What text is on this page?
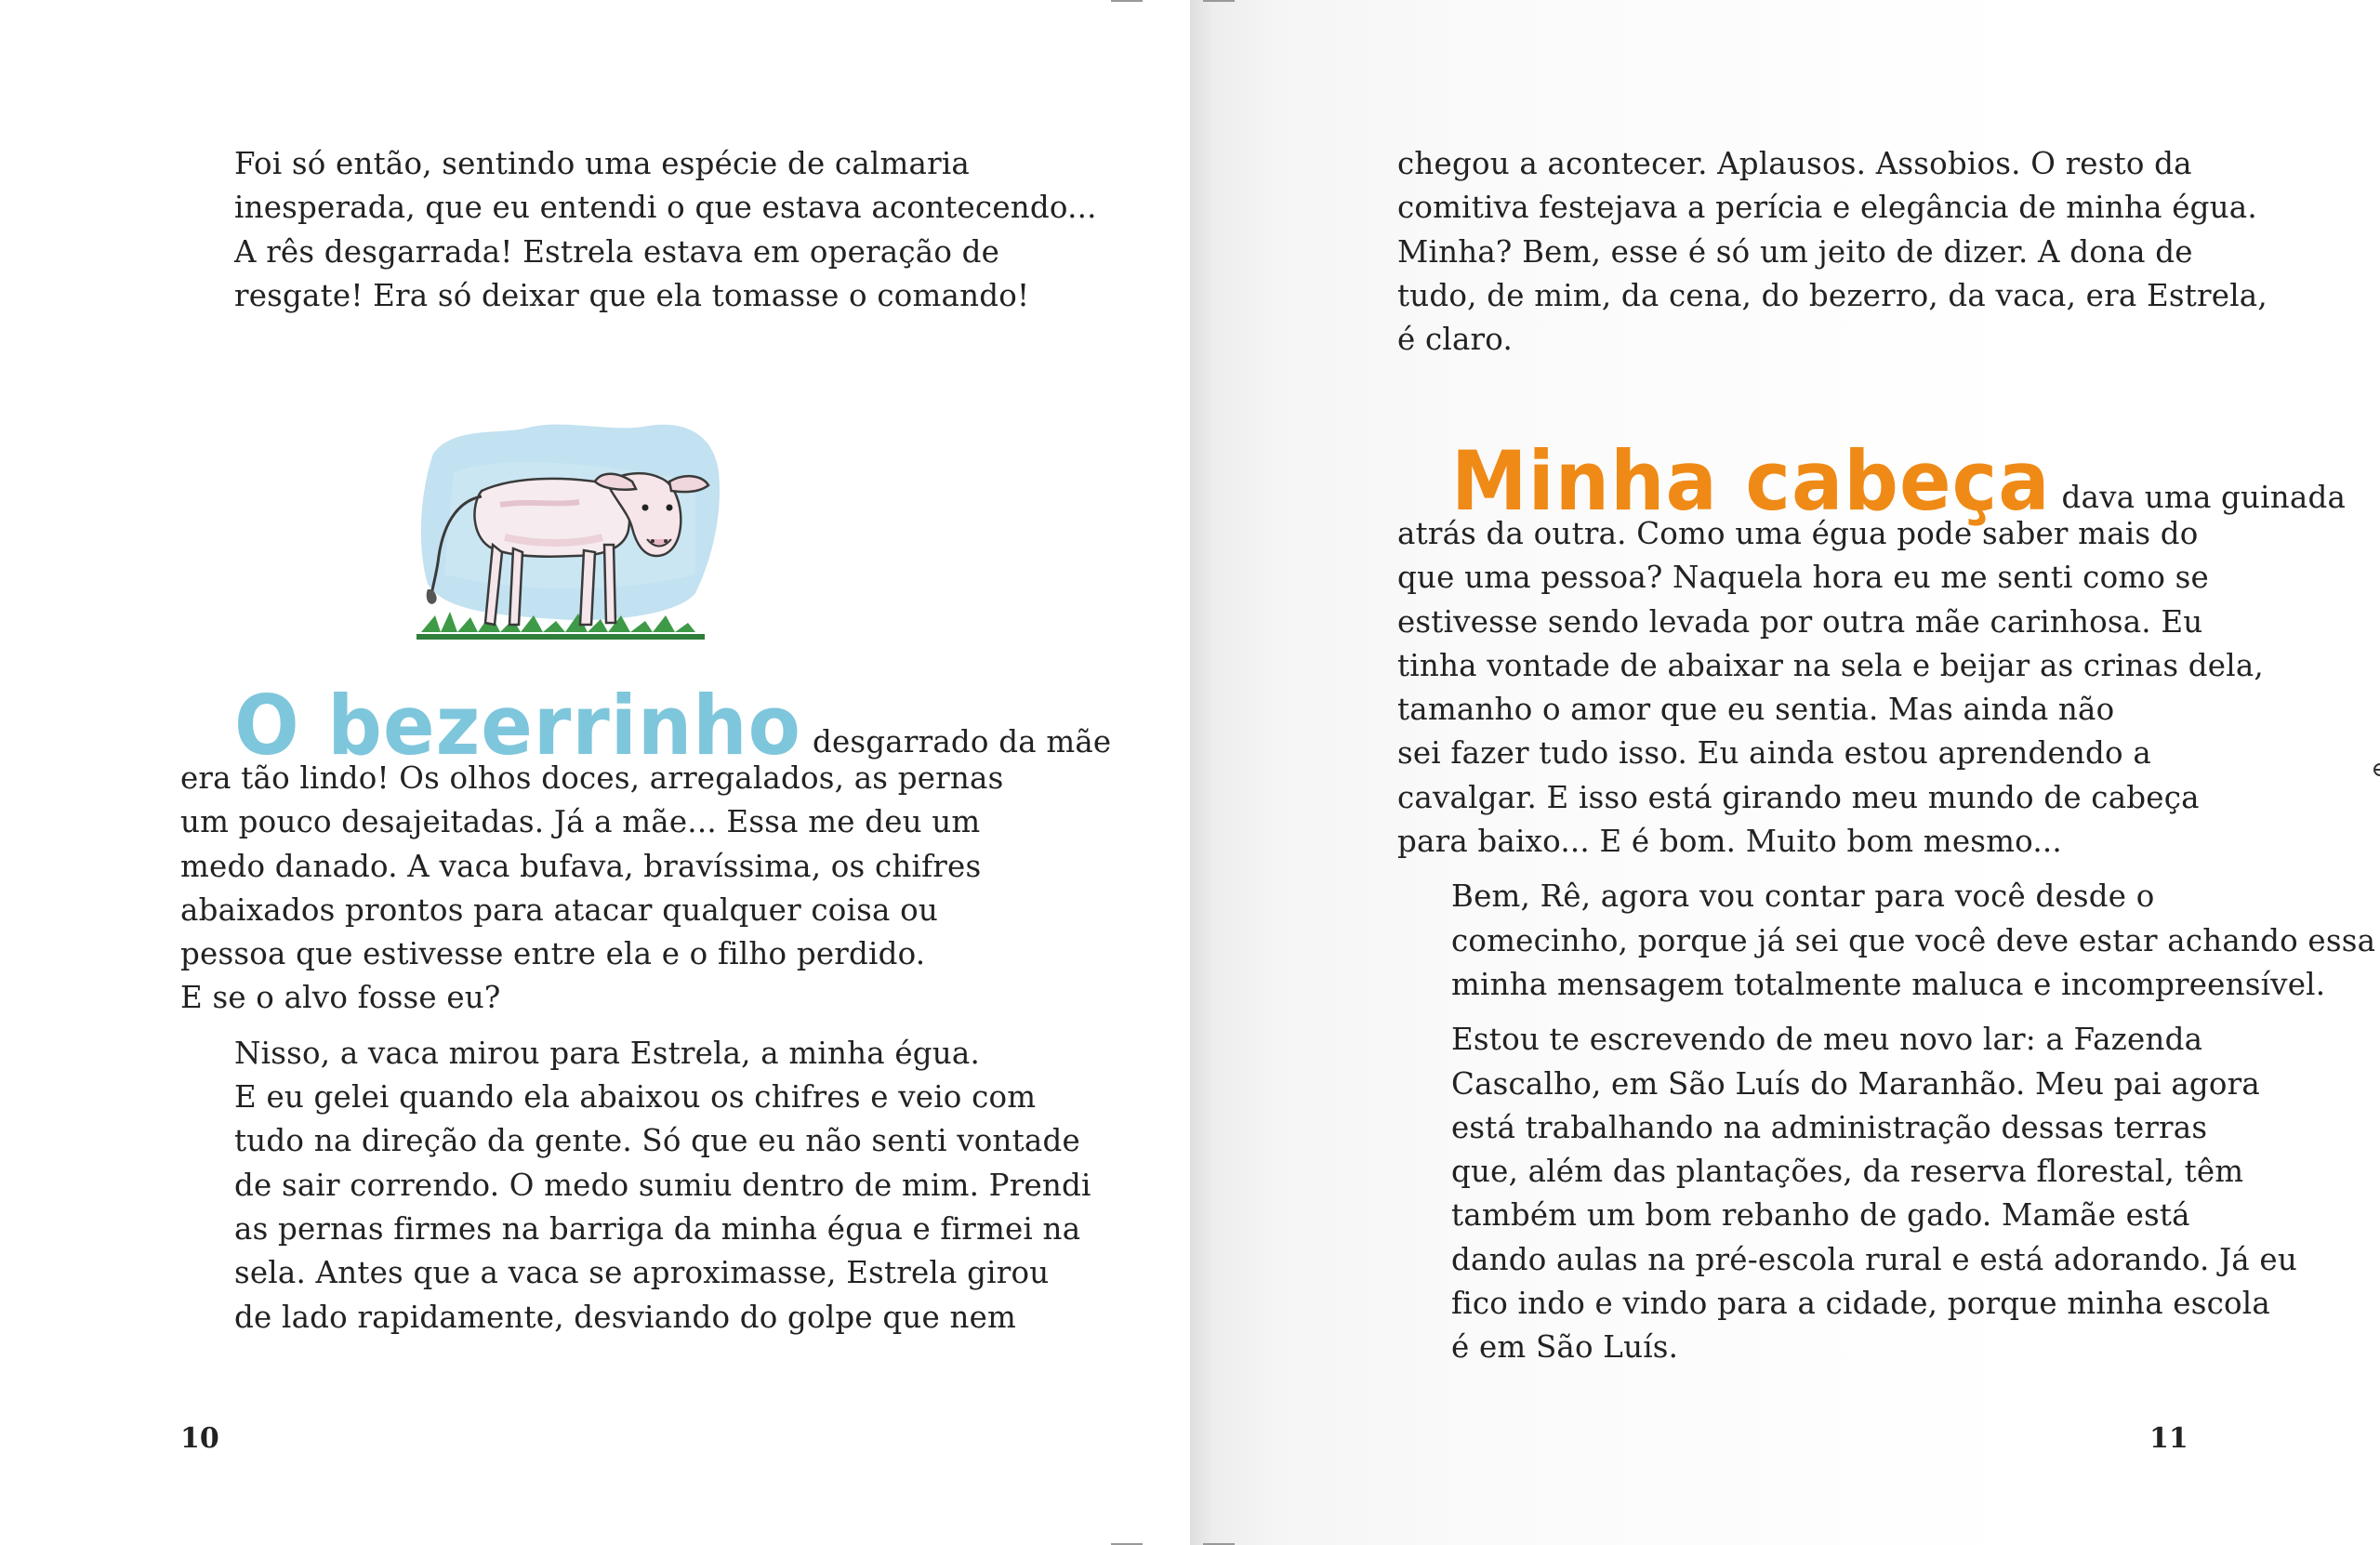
Foi só então, sentindo uma espécie de calmaria
inesperada, que eu entendi o que estava acontecendo...
A rês desgarrada! Estrela estava em operação de
resgate! Era só deixar que ela tomasse o comando!

O bezerrinho desgarrado da mãe
era tão lindo! Os olhos doces, arregalados, as pernas
um pouco desajeitadas. Já a mãe... Essa me deu um
medo danado. A vaca bufava, bravíssima, os chifres
abaixados prontos para atacar qualquer coisa ou
pessoa que estivesse entre ela e o filho perdido.
E se o alvo fosse eu?

Nisso, a vaca mirou para Estrela, a minha égua.
E eu gelei quando ela abaixou os chifres e veio com
tudo na direção da gente. Só que eu não senti vontade
de sair correndo. O medo sumiu dentro de mim. Prendi
as pernas firmes na barriga da minha égua e firmei na
sela. Antes que a vaca se aproximasse, Estrela girou
de lado rapidamente, desviando do golpe que nem

10

chegou a acontecer. Aplausos. Assobios. O resto da
comitiva festejava a perícia e elegância de minha égua.
Minha? Bem, esse é só um jeito de dizer. A dona de
tudo, de mim, da cena, do bezerro, da vaca, era Estrela,
é claro.

Minha cabeça dava uma guinada
atrás da outra. Como uma égua pode saber mais do
que uma pessoa? Naquela hora eu me senti como se
estivesse sendo levada por outra mãe carinhosa. Eu
tinha vontade de abaixar na sela e beijar as crinas dela,
tamanho o amor que eu sentia. Mas ainda não
sei fazer tudo isso. Eu ainda estou aprendendo a
cavalgar. E isso está girando meu mundo de cabeça
para baixo... E é bom. Muito bom mesmo...

Bem, Rê, agora vou contar para você desde o
comecinho, porque já sei que você deve estar achando essa
minha mensagem totalmente maluca e incompreensível.

Estou te escrevendo de meu novo lar: a Fazenda
Cascalho, em São Luís do Maranhão. Meu pai agora
está trabalhando na administração dessas terras
que, além das plantações, da reserva florestal, têm
também um bom rebanho de gado. Mamãe está
dando aulas na pré-escola rural e está adorando. Já eu
fico indo e vindo para a cidade, porque minha escola
é em São Luís.

11
